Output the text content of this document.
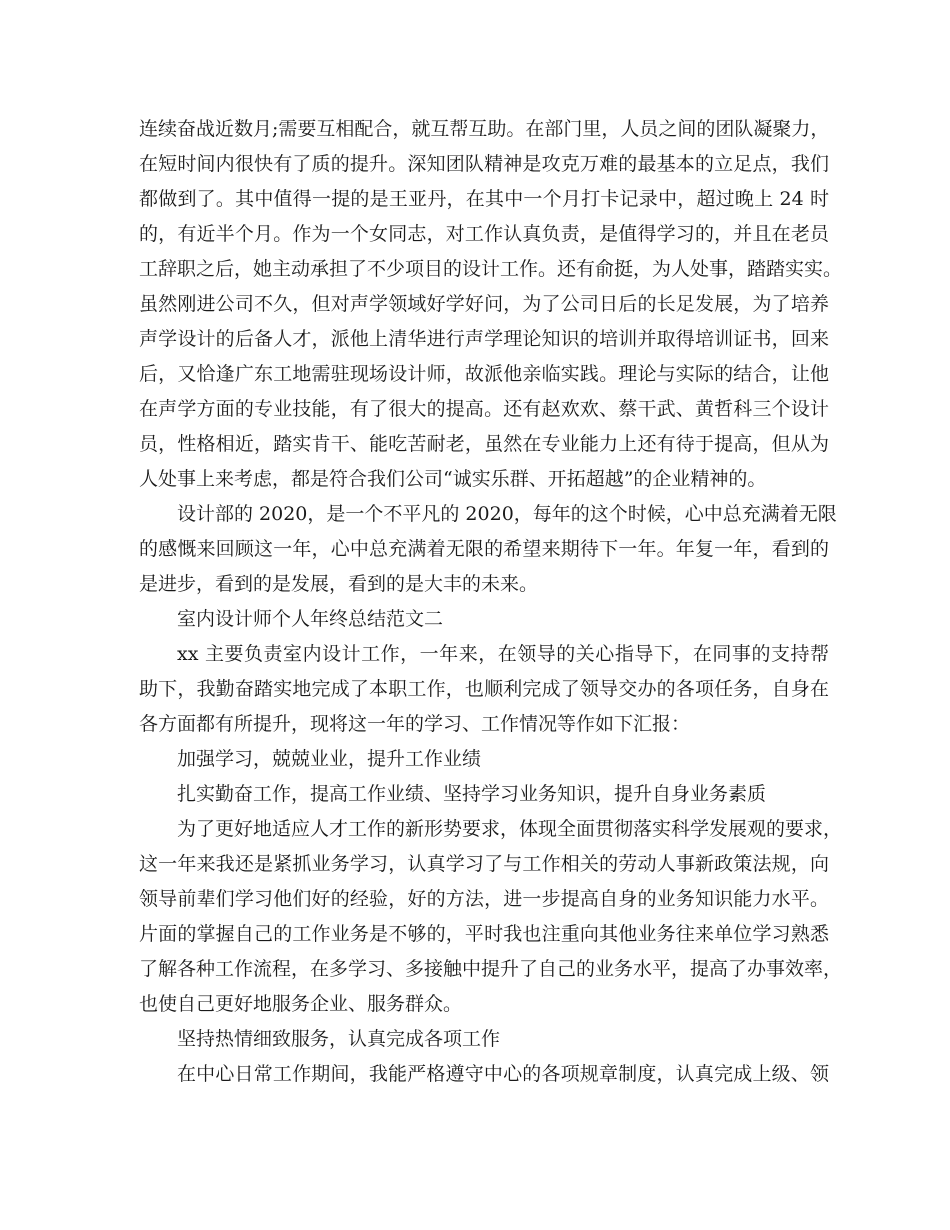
连续奋战近数月;需要互相配合，就互帮互助。在部门里，人员之间的团队凝聚力，
在短时间内很快有了质的提升。深知团队精神是攻克万难的最基本的立足点，我们
都做到了。其中值得一提的是王亚丹，在其中一个月打卡记录中，超过晚上 24 时
的，有近半个月。作为一个女同志，对工作认真负责，是值得学习的，并且在老员
工辞职之后，她主动承担了不少项目的设计工作。还有俞挺，为人处事，踏踏实实。
虽然刚进公司不久，但对声学领域好学好问，为了公司日后的长足发展，为了培养
声学设计的后备人才，派他上清华进行声学理论知识的培训并取得培训证书，回来
后，又恰逢广东工地需驻现场设计师，故派他亲临实践。理论与实际的结合，让他
在声学方面的专业技能，有了很大的提高。还有赵欢欢、蔡干武、黄哲科三个设计
员，性格相近，踏实肯干、能吃苦耐老，虽然在专业能力上还有待于提高，但从为
人处事上来考虑，都是符合我们公司“诚实乐群、开拓超越”的企业精神的。
设计部的 2020，是一个不平凡的 2020，每年的这个时候，心中总充满着无限
的感慨来回顾这一年，心中总充满着无限的希望来期待下一年。年复一年，看到的
是进步，看到的是发展，看到的是大丰的未来。
室内设计师个人年终总结范文二
xx 主要负责室内设计工作，一年来，在领导的关心指导下，在同事的支持帮
助下，我勤奋踏实地完成了本职工作，也顺利完成了领导交办的各项任务，自身在
各方面都有所提升，现将这一年的学习、工作情况等作如下汇报：
加强学习，兢兢业业，提升工作业绩
扎实勤奋工作，提高工作业绩、坚持学习业务知识，提升自身业务素质
为了更好地适应人才工作的新形势要求，体现全面贯彻落实科学发展观的要求，
这一年来我还是紧抓业务学习，认真学习了与工作相关的劳动人事新政策法规，向
领导前辈们学习他们好的经验，好的方法，进一步提高自身的业务知识能力水平。
片面的掌握自己的工作业务是不够的，平时我也注重向其他业务往来单位学习熟悉
了解各种工作流程，在多学习、多接触中提升了自己的业务水平，提高了办事效率，
也使自己更好地服务企业、服务群众。
坚持热情细致服务，认真完成各项工作
在中心日常工作期间，我能严格遵守中心的各项规章制度，认真完成上级、领
